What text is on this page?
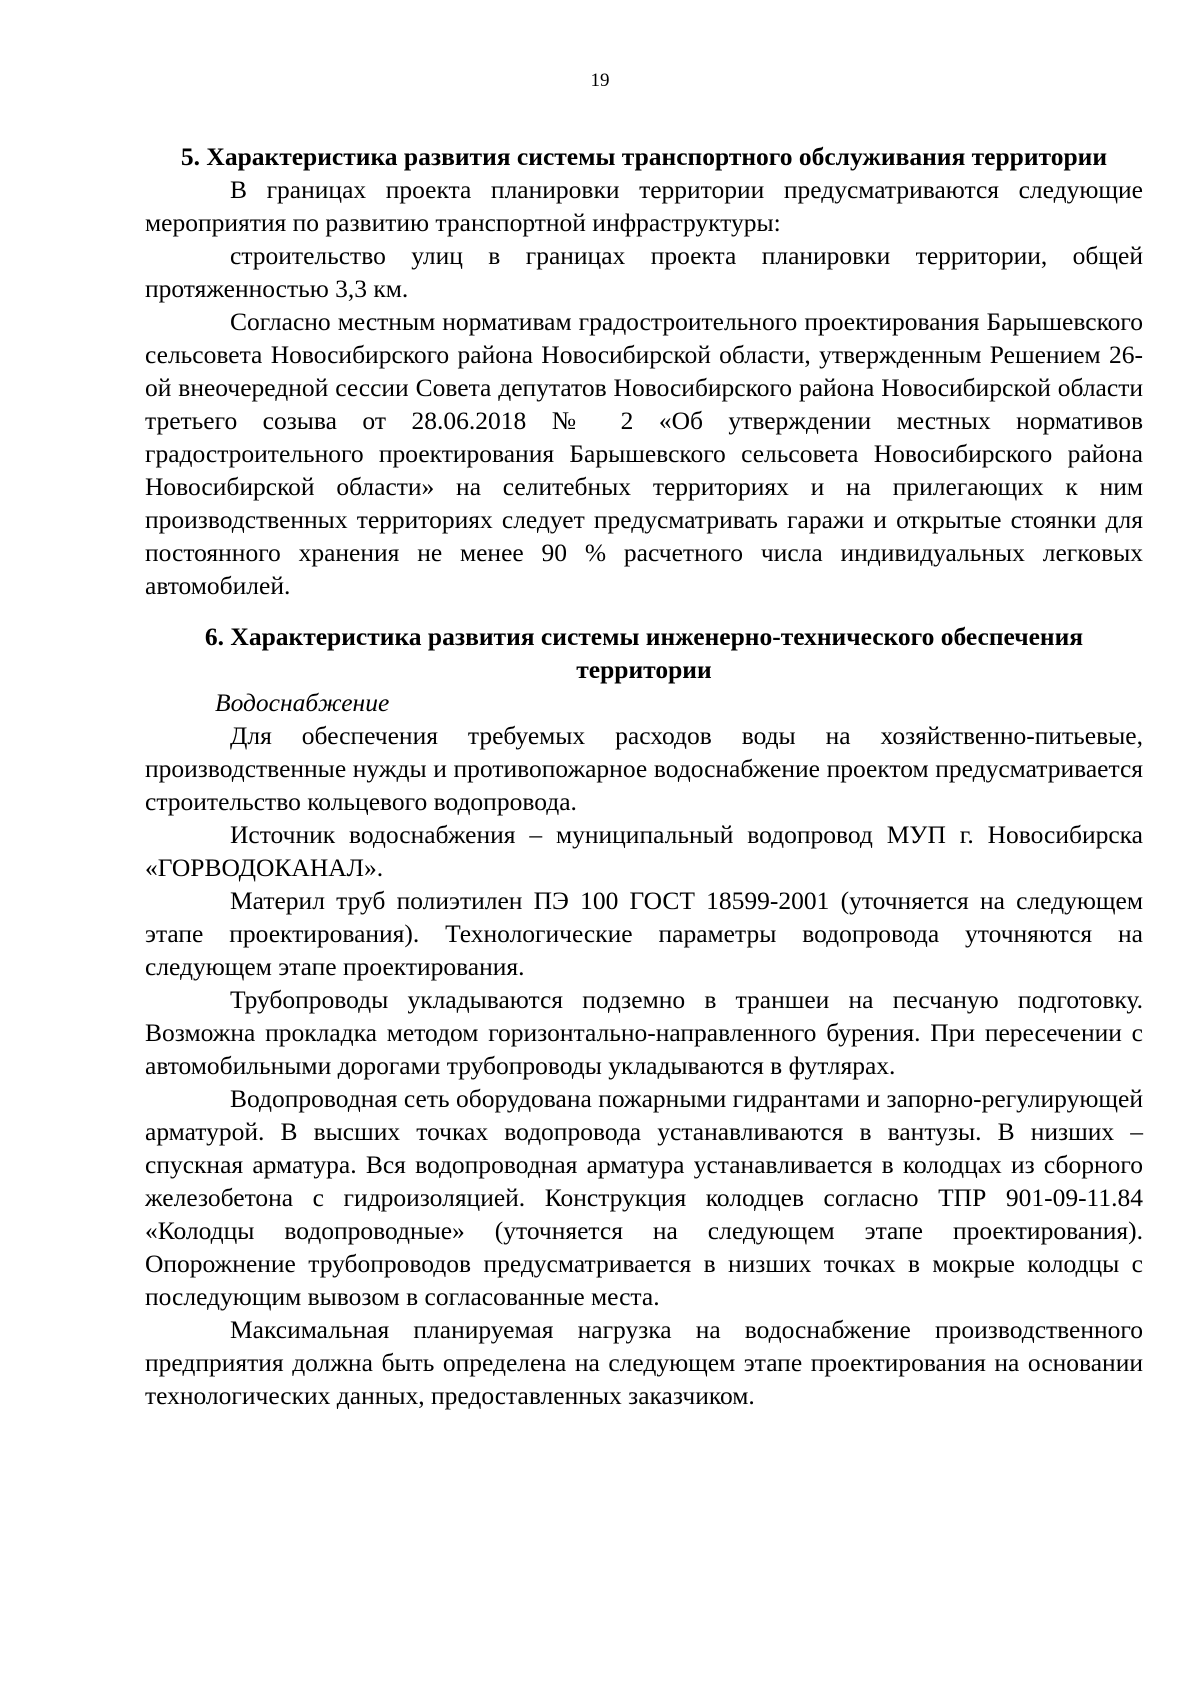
19
5. Характеристика развития системы транспортного обслуживания территории

В границах проекта планировки территории предусматриваются следующие мероприятия по развитию транспортной инфраструктуры:

строительство улиц в границах проекта планировки территории, общей протяженностью 3,3 км.

Согласно местным нормативам градостроительного проектирования Барышевского сельсовета Новосибирского района Новосибирской области, утвержденным Решением 26-ой внеочередной сессии Совета депутатов Новосибирского района Новосибирской области третьего созыва от 28.06.2018 № 2 «Об утверждении местных нормативов градостроительного проектирования Барышевского сельсовета Новосибирского района Новосибирской области» на селитебных территориях и на прилегающих к ним производственных территориях следует предусматривать гаражи и открытые стоянки для постоянного хранения не менее 90 % расчетного числа индивидуальных легковых автомобилей.

6. Характеристика развития системы инженерно-технического обеспечения территории
Водоснабжение

Для обеспечения требуемых расходов воды на хозяйственно-питьевые, производственные нужды и противопожарное водоснабжение проектом предусматривается строительство кольцевого водопровода.

Источник водоснабжения – муниципальный водопровод МУП г. Новосибирска «ГОРВОДОКАНАЛ».

Материл труб полиэтилен ПЭ 100 ГОСТ 18599-2001 (уточняется на следующем этапе проектирования). Технологические параметры водопровода уточняются на следующем этапе проектирования.

Трубопроводы укладываются подземно в траншеи на песчаную подготовку. Возможна прокладка методом горизонтально-направленного бурения. При пересечении с автомобильными дорогами трубопроводы укладываются в футлярах.

Водопроводная сеть оборудована пожарными гидрантами и запорно-регулирующей арматурой. В высших точках водопровода устанавливаются в вантузы. В низших – спускная арматура. Вся водопроводная арматура устанавливается в колодцах из сборного железобетона с гидроизоляцией. Конструкция колодцев согласно ТПР 901-09-11.84 «Колодцы водопроводные» (уточняется на следующем этапе проектирования). Опорожнение трубопроводов предусматривается в низших точках в мокрые колодцы с последующим вывозом в согласованные места.

Максимальная планируемая нагрузка на водоснабжение производственного предприятия должна быть определена на следующем этапе проектирования на основании технологических данных, предоставленных заказчиком.
